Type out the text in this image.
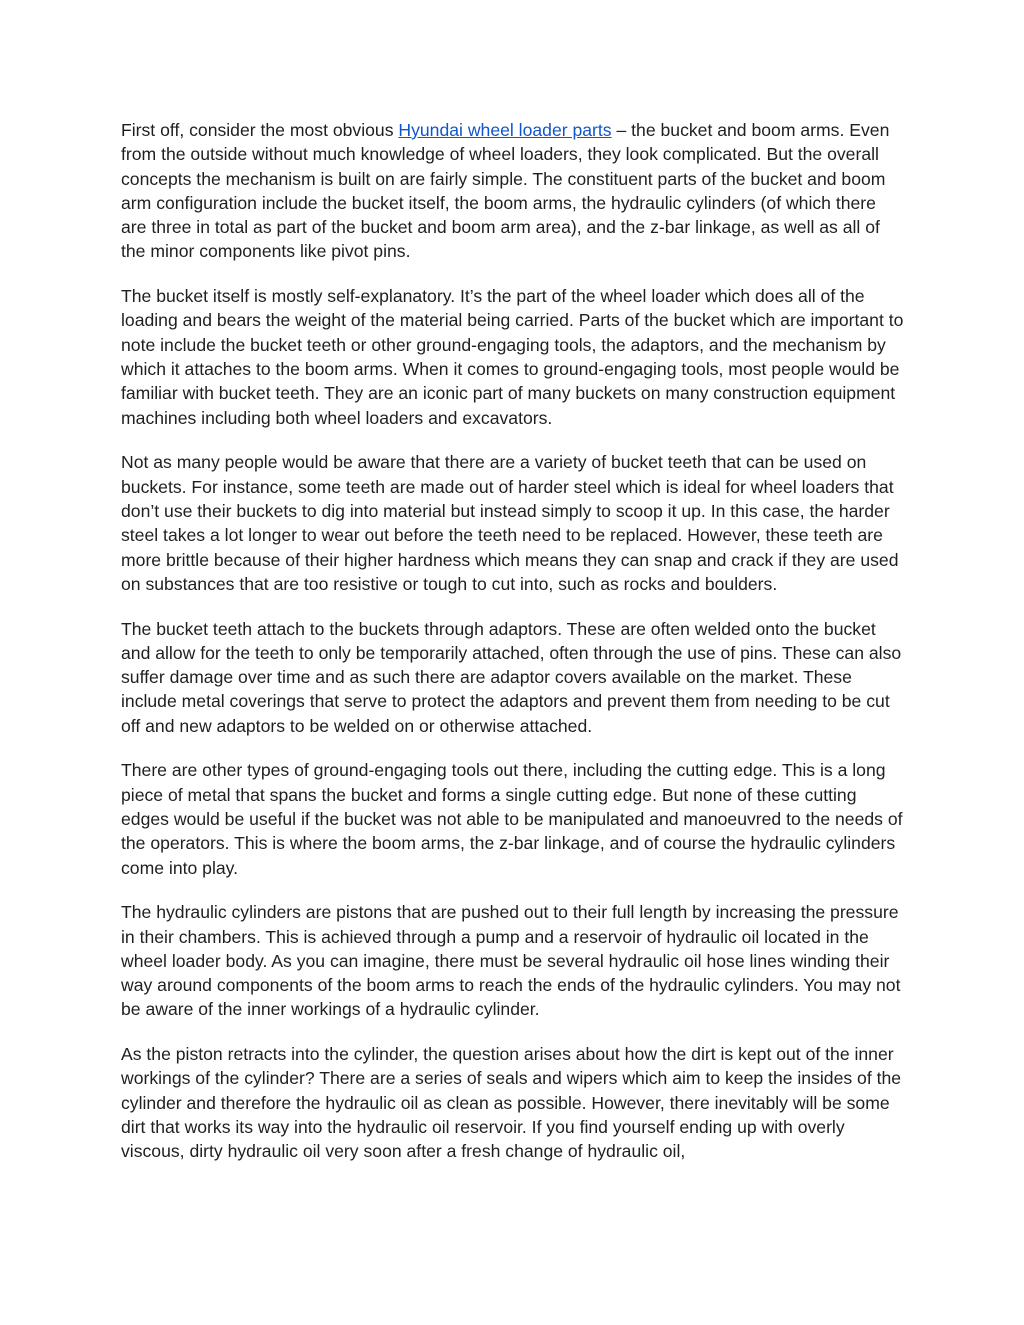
First off, consider the most obvious Hyundai wheel loader parts – the bucket and boom arms. Even from the outside without much knowledge of wheel loaders, they look complicated. But the overall concepts the mechanism is built on are fairly simple. The constituent parts of the bucket and boom arm configuration include the bucket itself, the boom arms, the hydraulic cylinders (of which there are three in total as part of the bucket and boom arm area), and the z-bar linkage, as well as all of the minor components like pivot pins.

The bucket itself is mostly self-explanatory. It’s the part of the wheel loader which does all of the loading and bears the weight of the material being carried. Parts of the bucket which are important to note include the bucket teeth or other ground-engaging tools, the adaptors, and the mechanism by which it attaches to the boom arms. When it comes to ground-engaging tools, most people would be familiar with bucket teeth. They are an iconic part of many buckets on many construction equipment machines including both wheel loaders and excavators.

Not as many people would be aware that there are a variety of bucket teeth that can be used on buckets. For instance, some teeth are made out of harder steel which is ideal for wheel loaders that don’t use their buckets to dig into material but instead simply to scoop it up. In this case, the harder steel takes a lot longer to wear out before the teeth need to be replaced. However, these teeth are more brittle because of their higher hardness which means they can snap and crack if they are used on substances that are too resistive or tough to cut into, such as rocks and boulders.

The bucket teeth attach to the buckets through adaptors. These are often welded onto the bucket and allow for the teeth to only be temporarily attached, often through the use of pins. These can also suffer damage over time and as such there are adaptor covers available on the market. These include metal coverings that serve to protect the adaptors and prevent them from needing to be cut off and new adaptors to be welded on or otherwise attached.

There are other types of ground-engaging tools out there, including the cutting edge. This is a long piece of metal that spans the bucket and forms a single cutting edge. But none of these cutting edges would be useful if the bucket was not able to be manipulated and manoeuvred to the needs of the operators. This is where the boom arms, the z-bar linkage, and of course the hydraulic cylinders come into play.

The hydraulic cylinders are pistons that are pushed out to their full length by increasing the pressure in their chambers. This is achieved through a pump and a reservoir of hydraulic oil located in the wheel loader body. As you can imagine, there must be several hydraulic oil hose lines winding their way around components of the boom arms to reach the ends of the hydraulic cylinders. You may not be aware of the inner workings of a hydraulic cylinder.

As the piston retracts into the cylinder, the question arises about how the dirt is kept out of the inner workings of the cylinder? There are a series of seals and wipers which aim to keep the insides of the cylinder and therefore the hydraulic oil as clean as possible. However, there inevitably will be some dirt that works its way into the hydraulic oil reservoir. If you find yourself ending up with overly viscous, dirty hydraulic oil very soon after a fresh change of hydraulic oil,
